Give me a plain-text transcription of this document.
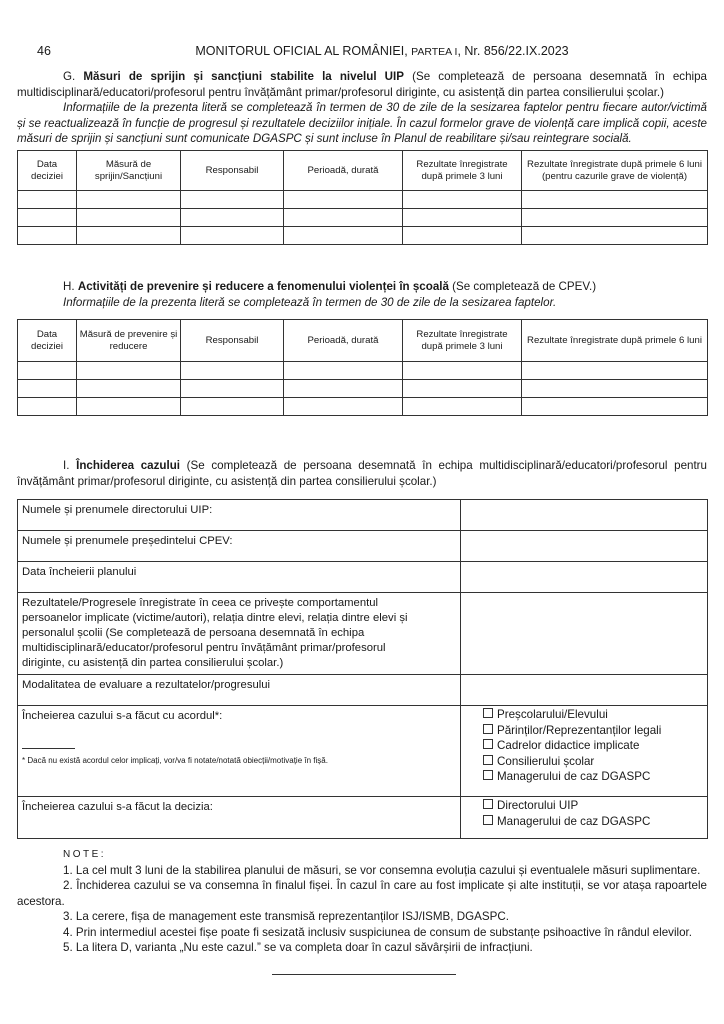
46	MONITORUL OFICIAL AL ROMÂNIEI, PARTEA I, Nr. 856/22.IX.2023
G. Măsuri de sprijin și sancțiuni stabilite la nivelul UIP (Se completează de persoana desemnată în echipa multidisciplinară/educatori/profesorul pentru învățământ primar/profesorul diriginte, cu asistență din partea consilierului școlar.)
Informațiile de la prezenta literă se completează în termen de 30 de zile de la sesizarea faptelor pentru fiecare autor/victimă și se reactualizează în funcție de progresul și rezultatele deciziilor inițiale. În cazul formelor grave de violență care implică copii, aceste măsuri de sprijin și sancțiuni sunt comunicate DGASPC și sunt incluse în Planul de reabilitare și/sau reintegrare socială.
Data deciziei	Măsură de sprijin/Sancțiuni	Responsabil	Perioadă, durată	Rezultate înregistrate după primele 3 luni	Rezultate înregistrate după primele 6 luni (pentru cazurile grave de violență)

H. Activități de prevenire și reducere a fenomenului violenței în școală (Se completează de CPEV.)
Informațiile de la prezenta literă se completează în termen de 30 de zile de la sesizarea faptelor.
Data deciziei	Măsură de prevenire și reducere	Responsabil	Perioadă, durată	Rezultate înregistrate după primele 3 luni	Rezultate înregistrate după primele 6 luni

I. Închiderea cazului (Se completează de persoana desemnată în echipa multidisciplinară/educatori/profesorul pentru învățământ primar/profesorul diriginte, cu asistență din partea consilierului școlar.)
Numele și prenumele directorului UIP:	
Numele și prenumele președintelui CPEV:	
Data încheierii planului	
Rezultatele/Progresele înregistrate în ceea ce privește comportamentul persoanelor implicate (victime/autori), relația dintre elevi, relația dintre elevi și personalul școlii (Se completează de persoana desemnată în echipa multidisciplinară/educator/profesorul pentru învățământ primar/profesorul diriginte, cu asistență din partea consilierului școlar.)	
Modalitatea de evaluare a rezultatelor/progresului	

Încheierea cazului s-a făcut cu acordul*:
* Dacă nu există acordul celor implicați, vor/va fi notate/notată obiecții/motivație în fișă.

Preșcolarului/Elevului
Părinților/Reprezentanților legali
Cadrelor didactice implicate
Consilierului școlar
Managerului de caz DGASPC

Încheierea cazului s-a făcut la decizia:	Directorului UIP
Managerului de caz DGASPC
NOTE:
1. La cel mult 3 luni de la stabilirea planului de măsuri, se vor consemna evoluția cazului și eventualele măsuri suplimentare.
2. Închiderea cazului se va consemna în finalul fișei. În cazul în care au fost implicate și alte instituții, se vor atașa rapoartele acestora.
3. La cerere, fișa de management este transmisă reprezentanților ISJ/ISMB, DGASPC.
4. Prin intermediul acestei fișe poate fi sesizată inclusiv suspiciunea de consum de substanțe psihoactive în rândul elevilor.
5. La litera D, varianta „Nu este cazul.” se va completa doar în cazul săvârșirii de infracțiuni.
